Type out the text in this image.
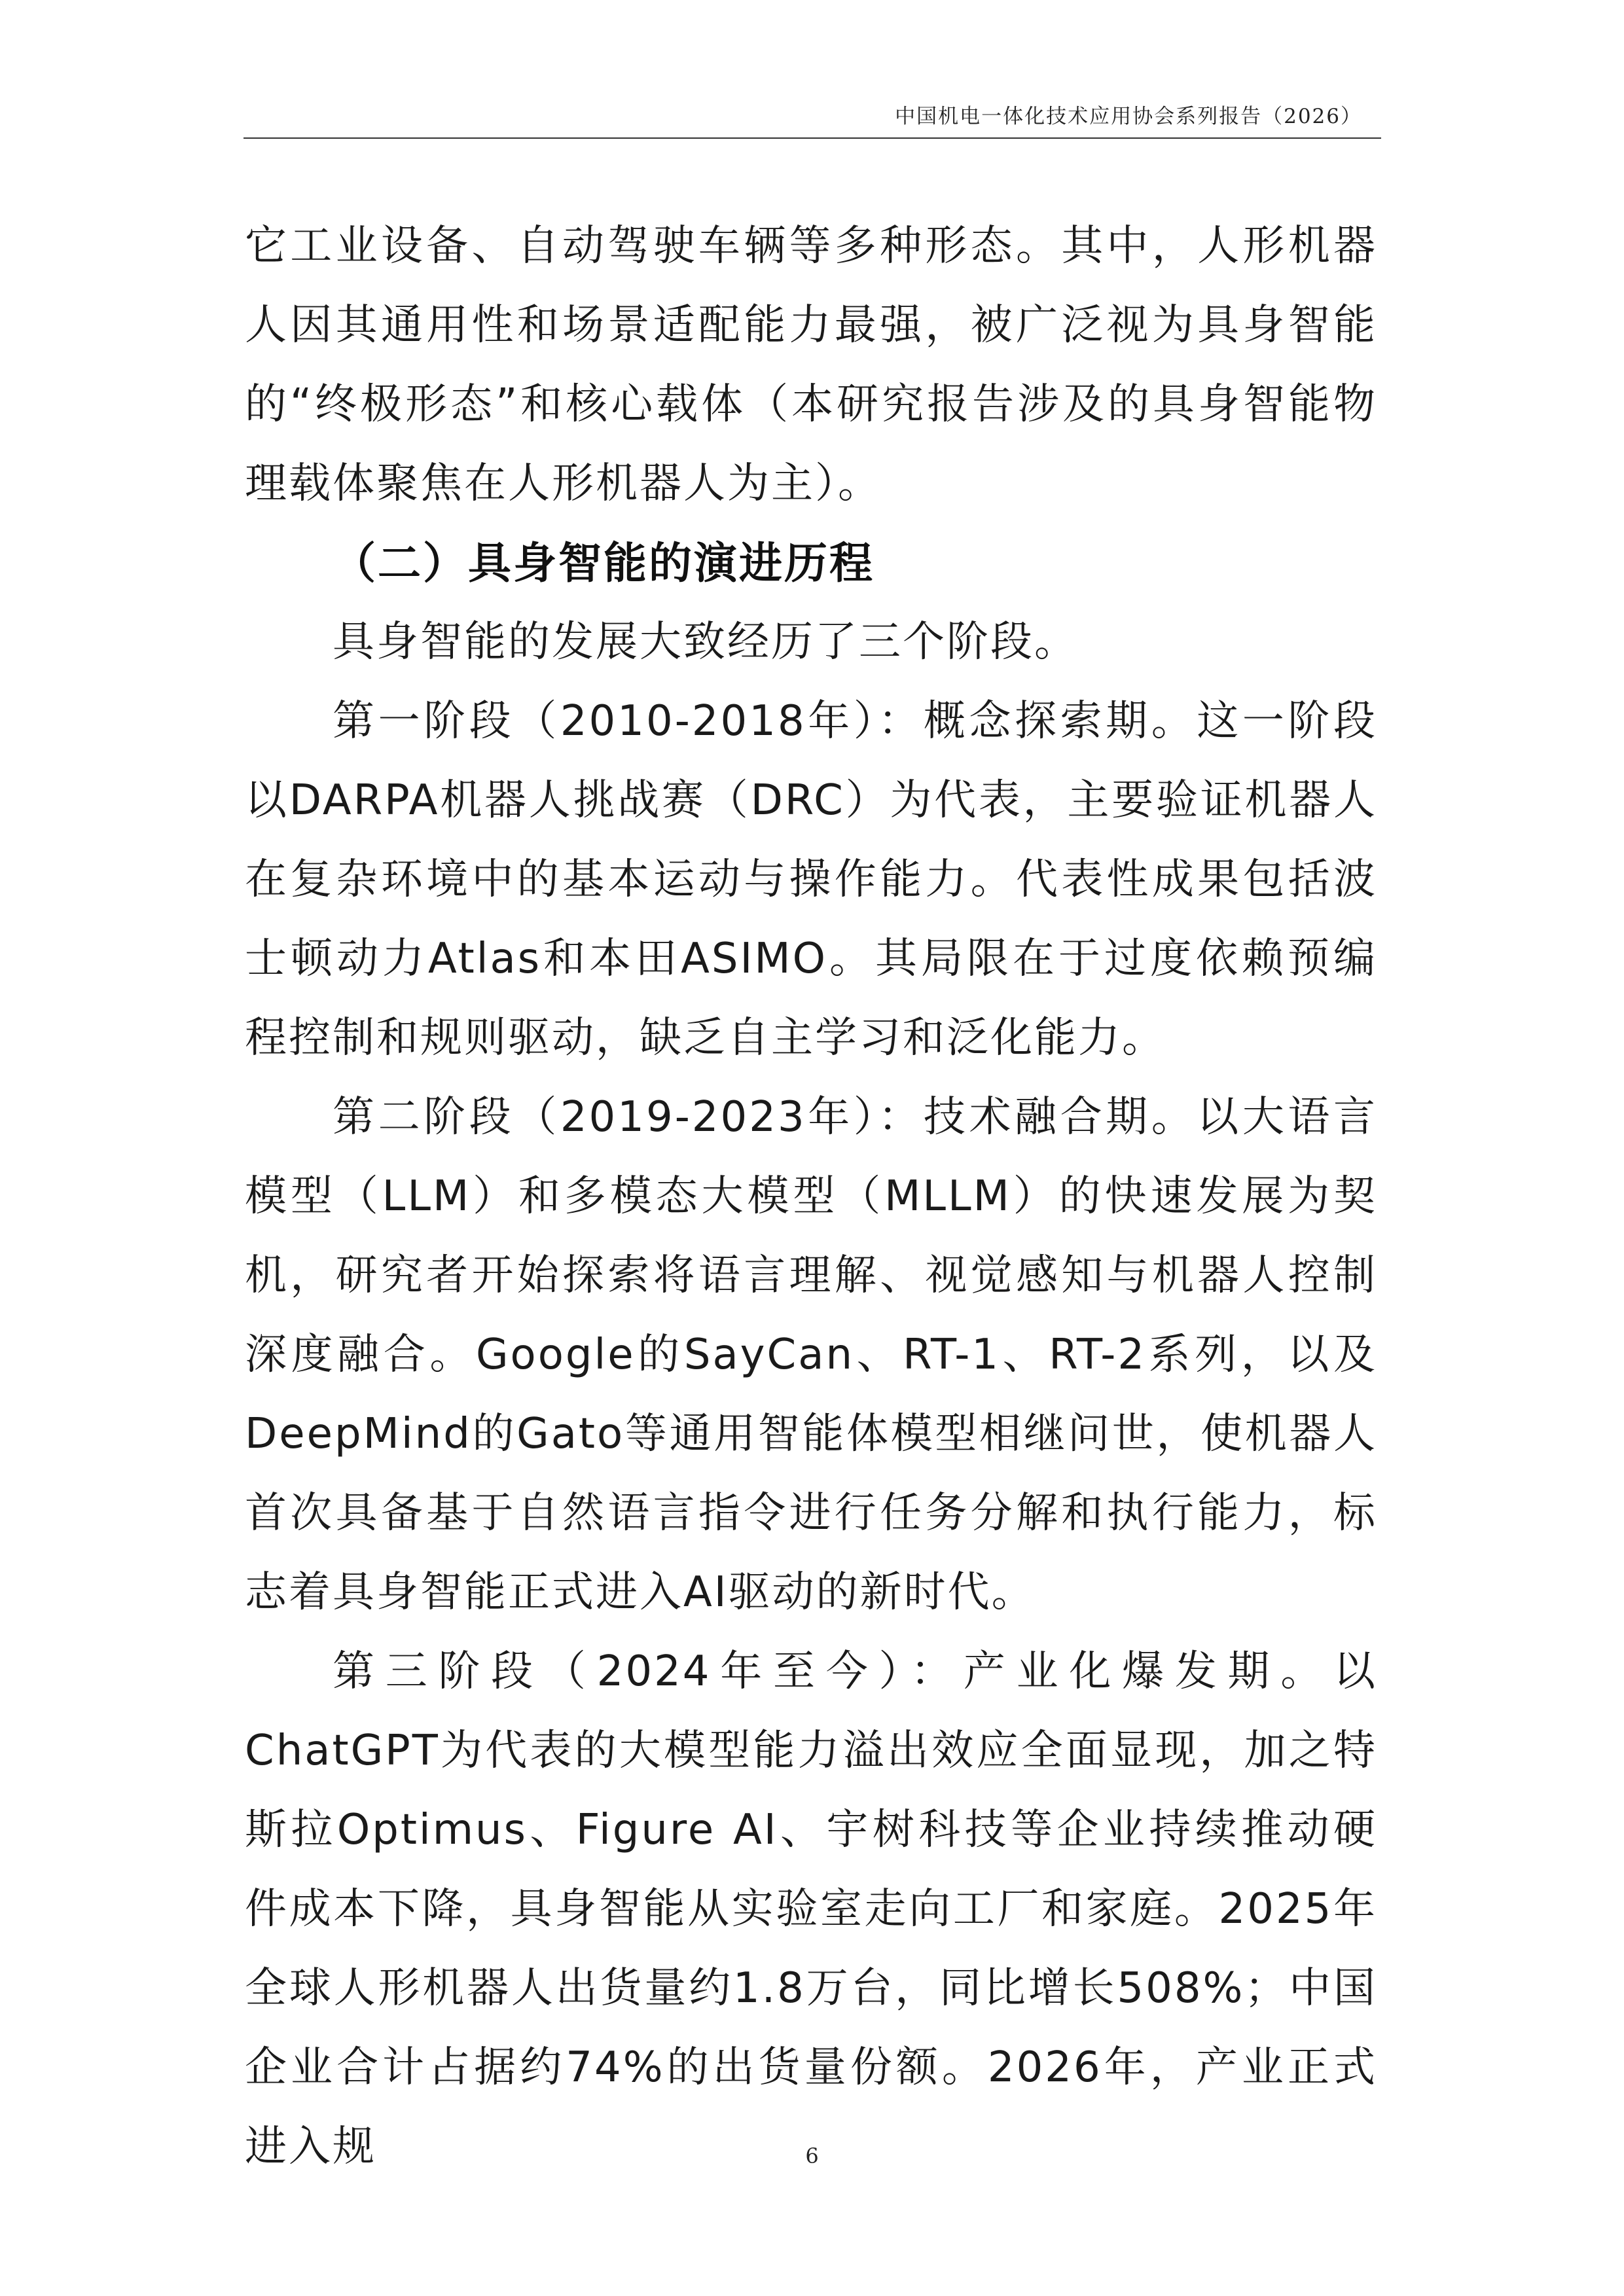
中国机电一体化技术应用协会系列报告（2026）

它工业设备、自动驾驶车辆等多种形态。其中，人形机器人因其通用性和场景适配能力最强，被广泛视为具身智能的“终极形态”和核心载体（本研究报告涉及的具身智能物理载体聚焦在人形机器人为主）。

（二）具身智能的演进历程

具身智能的发展大致经历了三个阶段。

第一阶段（2010-2018年）：概念探索期。这一阶段以DARPA机器人挑战赛（DRC）为代表，主要验证机器人在复杂环境中的基本运动与操作能力。代表性成果包括波士顿动力Atlas和本田ASIMO。其局限在于过度依赖预编程控制和规则驱动，缺乏自主学习和泛化能力。

第二阶段（2019-2023年）：技术融合期。以大语言模型（LLM）和多模态大模型（MLLM）的快速发展为契机，研究者开始探索将语言理解、视觉感知与机器人控制深度融合。Google的SayCan、RT-1、RT-2系列，以及DeepMind的Gato等通用智能体模型相继问世，使机器人首次具备基于自然语言指令进行任务分解和执行能力，标志着具身智能正式进入AI驱动的新时代。

第三阶段（2024年至今）：产业化爆发期。以ChatGPT为代表的大模型能力溢出效应全面显现，加之特斯拉Optimus、Figure AI、宇树科技等企业持续推动硬件成本下降，具身智能从实验室走向工厂和家庭。2025年全球人形机器人出货量约1.8万台，同比增长508%；中国企业合计占据约74%的出货量份额。2026年，产业正式进入规	6
